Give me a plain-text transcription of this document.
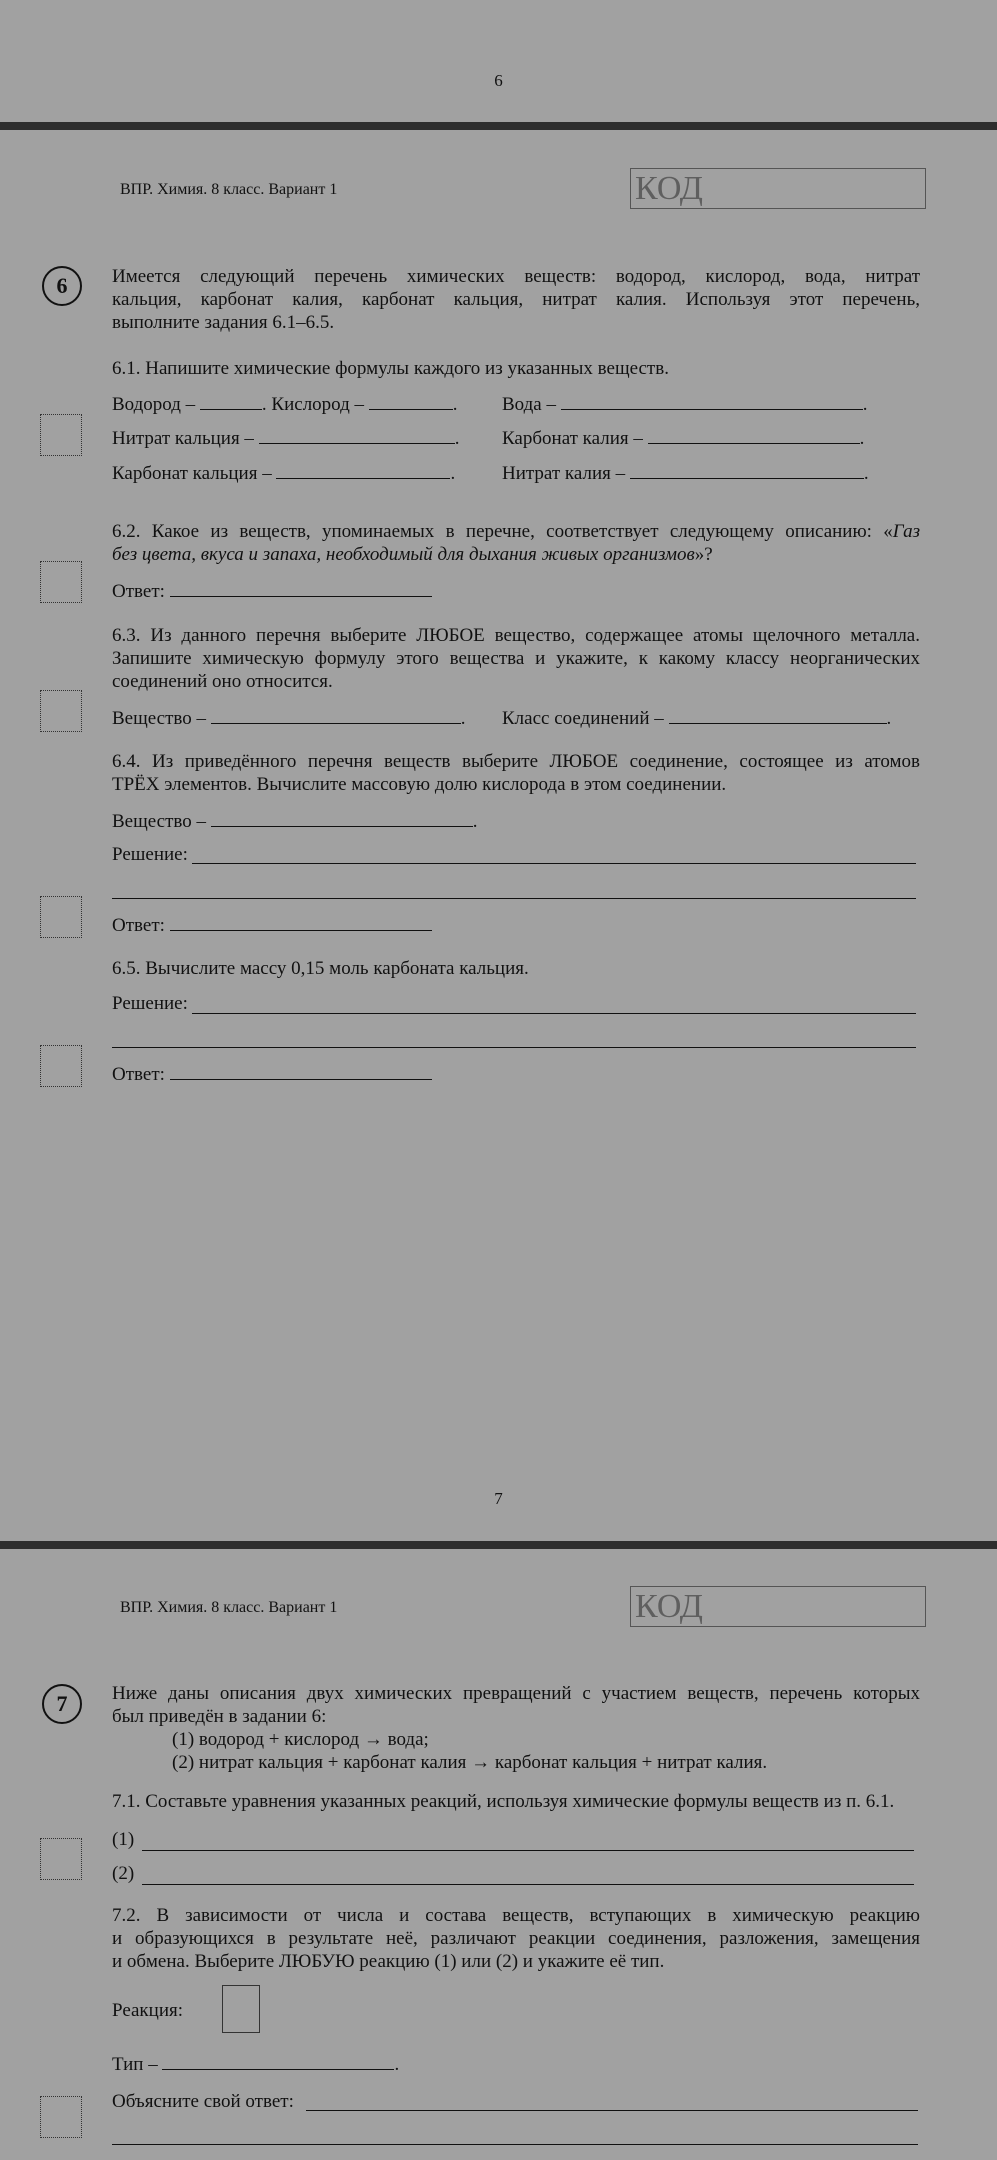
6
ВПР. Химия. 8 класс. Вариант 1	КОД
6	Имеется следующий перечень химических веществ: водород, кислород, вода, нитрат
кальция, карбонат калия, карбонат кальция, нитрат калия. Используя этот перечень,
выполните задания 6.1–6.5.
6.1. Напишите химические формулы каждого из указанных веществ.
Водород –	. Кислород –	. Вода –	.
Нитрат кальция –	. Карбонат калия –	.
Карбонат кальция –	. Нитрат калия –	.
6.2. Какое из веществ, упоминаемых в перечне, соответствует следующему описанию: «Газ
без цвета, вкуса и запаха, необходимый для дыхания живых организмов»?
Ответ:
6.3. Из данного перечня выберите ЛЮБОЕ вещество, содержащее атомы щелочного металла.
Запишите химическую формулу этого вещества и укажите, к какому классу неорганических
соединений оно относится.
Вещество –	. Класс соединений –	.
6.4. Из приведённого перечня веществ выберите ЛЮБОЕ соединение, состоящее из атомов
ТРЁХ элементов. Вычислите массовую долю кислорода в этом соединении.
Вещество –	.
Решение:
Ответ:
6.5. Вычислите массу 0,15 моль карбоната кальция.
Решение:
Ответ:
7
ВПР. Химия. 8 класс. Вариант 1	КОД
7	Ниже даны описания двух химических превращений с участием веществ, перечень которых
был приведён в задании 6:
(1) водород + кислород → вода;
(2) нитрат кальция + карбонат калия → карбонат кальция + нитрат калия.
7.1. Составьте уравнения указанных реакций, используя химические формулы веществ из п. 6.1.
(1)
(2)
7.2. В зависимости от числа и состава веществ, вступающих в химическую реакцию
и образующихся в результате неё, различают реакции соединения, разложения, замещения
и обмена. Выберите ЛЮБУЮ реакцию (1) или (2) и укажите её тип.
Реакция:
Тип –	.
Объясните свой ответ:
